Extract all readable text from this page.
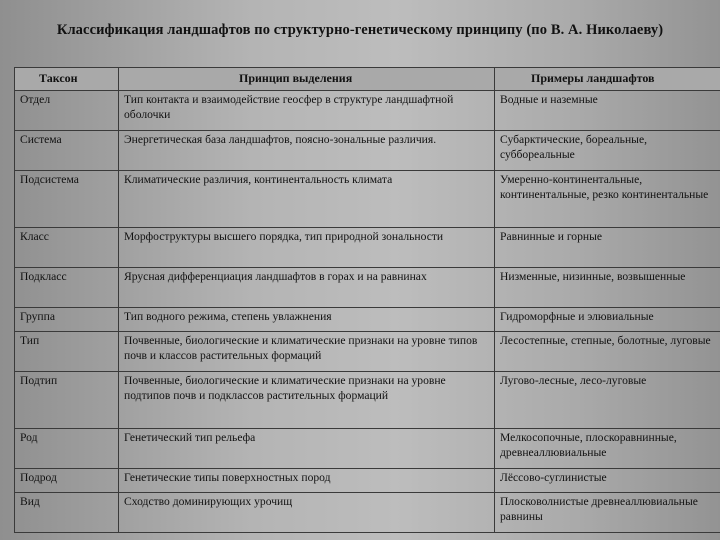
Классификация ландшафтов по структурно-генетическому принципу (по В. А. Николаеву)
Таксон	Принцип выделения	Примеры ландшафтов
Отдел	Тип контакта и взаимодействие геосфер в структуре ландшафтной оболочки	Водные и наземные
Система	Энергетическая база ландшафтов, поясно-зональные различия.	Субарктические, бореальные, суббореальные
Подсистема	Климатические различия, континентальность климата	Умеренно-континентальные, континентальные, резко континентальные
Класс	Морфоструктуры высшего порядка, тип природной зональности	Равнинные и горные
Подкласс	Ярусная дифференциация ландшафтов в горах и на равнинах	Низменные, низинные, возвышенные
Группа	Тип водного режима, степень увлажнения	Гидроморфные и элювиальные
Тип	Почвенные, биологические и климатические признаки на уровне типов почв и классов растительных формаций	Лесостепные, степные, болотные, луговые
Подтип	Почвенные, биологические и климатические признаки на уровне подтипов почв и подклассов растительных формаций	Лугово-лесные, лесо-луговые
Род	Генетический тип рельефа	Мелкосопочные, плоскоравнинные, древнеаллювиальные
Подрод	Генетические типы поверхностных пород	Лёссово-суглинистые
Вид	Сходство доминирующих урочищ	Плосковолнистые древнеаллювиальные равнины
